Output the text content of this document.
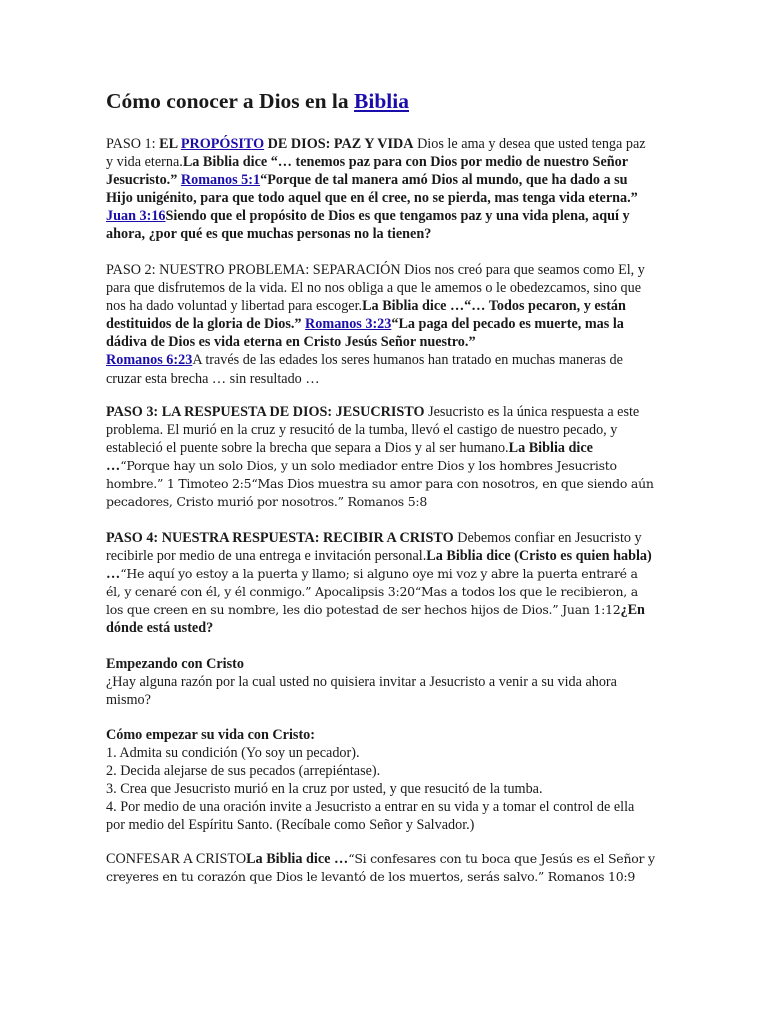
Cómo conocer a Dios en la Biblia

PASO 1: EL PROPÓSITO DE DIOS: PAZ Y VIDA Dios le ama y desea que usted tenga paz y vida eterna.La Biblia dice “… tenemos paz para con Dios por medio de nuestro Señor Jesucristo.” Romanos 5:1“Porque de tal manera amó Dios al mundo, que ha dado a su Hijo unigénito, para que todo aquel que en él cree, no se pierda, mas tenga vida eterna.” Juan 3:16Siendo que el propósito de Dios es que tengamos paz y una vida plena, aquí y ahora, ¿por qué es que muchas personas no la tienen?

PASO 2: NUESTRO PROBLEMA: SEPARACIÓN Dios nos creó para que seamos como El, y para que disfrutemos de la vida. El no nos obliga a que le amemos o le obedezcamos, sino que nos ha dado voluntad y libertad para escoger.La Biblia dice …“… Todos pecaron, y están destituidos de la gloria de Dios.” Romanos 3:23“La paga del pecado es muerte, mas la dádiva de Dios es vida eterna en Cristo Jesús Señor nuestro.”
Romanos 6:23A través de las edades los seres humanos han tratado en muchas maneras de cruzar esta brecha … sin resultado …

PASO 3: LA RESPUESTA DE DIOS: JESUCRISTO Jesucristo es la única respuesta a este problema. El murió en la cruz y resucitó de la tumba, llevó el castigo de nuestro pecado, y estableció el puente sobre la brecha que separa a Dios y al ser humano.La Biblia dice …“Porque hay un solo Dios, y un solo mediador entre Dios y los hombres Jesucristo hombre.” 1 Timoteo 2:5“Mas Dios muestra su amor para con nosotros, en que siendo aún pecadores, Cristo murió por nosotros.” Romanos 5:8

PASO 4: NUESTRA RESPUESTA: RECIBIR A CRISTO Debemos confiar en Jesucristo y recibirle por medio de una entrega e invitación personal.La Biblia dice (Cristo es quien habla) …“He aquí yo estoy a la puerta y llamo; si alguno oye mi voz y abre la puerta entraré a él, y cenaré con él, y él conmigo.” Apocalipsis 3:20“Mas a todos los que le recibieron, a los que creen en su nombre, les dio potestad de ser hechos hijos de Dios.” Juan 1:12¿En dónde está usted?

Empezando con Cristo
¿Hay alguna razón por la cual usted no quisiera invitar a Jesucristo a venir a su vida ahora mismo?

Cómo empezar su vida con Cristo:
1. Admita su condición (Yo soy un pecador).
2. Decida alejarse de sus pecados (arrepiéntase).
3. Crea que Jesucristo murió en la cruz por usted, y que resucitó de la tumba.
4. Por medio de una oración invite a Jesucristo a entrar en su vida y a tomar el control de ella por medio del Espíritu Santo. (Recíbale como Señor y Salvador.)

CONFESAR A CRISTOLa Biblia dice …“Si confesares con tu boca que Jesús es el Señor y creyeres en tu corazón que Dios le levantó de los muertos, serás salvo.” Romanos 10:9
